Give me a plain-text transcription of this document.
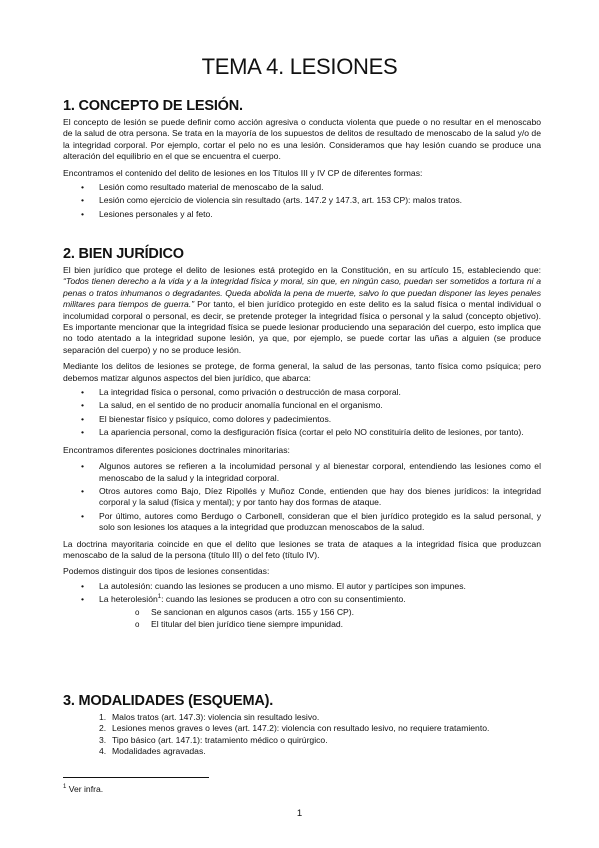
TEMA 4. LESIONES
1. CONCEPTO DE LESIÓN.

El concepto de lesión se puede definir como acción agresiva o conducta violenta que puede o no resultar en el menoscabo de la salud de otra persona. Se trata en la mayoría de los supuestos de delitos de resultado de menoscabo de la salud y/o de la integridad corporal. Por ejemplo, cortar el pelo no es una lesión. Consideramos que hay lesión cuando se produce una alteración del equilibrio en el que se encuentra el cuerpo.

Encontramos el contenido del delito de lesiones en los Títulos III y IV CP de diferentes formas:

• Lesión como resultado material de menoscabo de la salud.
• Lesión como ejercicio de violencia sin resultado (arts. 147.2 y 147.3, art. 153 CP): malos tratos.
• Lesiones personales y al feto.
2. BIEN JURÍDICO

El bien jurídico que protege el delito de lesiones está protegido en la Constitución, en su artículo 15, estableciendo que: “Todos tienen derecho a la vida y a la integridad física y moral, sin que, en ningún caso, puedan ser sometidos a tortura ni a penas o tratos inhumanos o degradantes. Queda abolida la pena de muerte, salvo lo que puedan disponer las leyes penales militares para tiempos de guerra.” Por tanto, el bien jurídico protegido en este delito es la salud física o mental individual o incolumidad corporal o personal, es decir, se pretende proteger la integridad física o personal y la salud (concepto objetivo). Es importante mencionar que la integridad física se puede lesionar produciendo una separación del cuerpo, esto implica que no todo atentado a la integridad supone lesión, ya que, por ejemplo, se puede cortar las uñas a alguien (se produce separación del cuerpo) y no se produce lesión.

Mediante los delitos de lesiones se protege, de forma general, la salud de las personas, tanto física como psíquica; pero debemos matizar algunos aspectos del bien jurídico, que abarca:

• La integridad física o personal, como privación o destrucción de masa corporal.
• La salud, en el sentido de no producir anomalía funcional en el organismo.
• El bienestar físico y psíquico, como dolores y padecimientos.
• La apariencia personal, como la desfiguración física (cortar el pelo NO constituiría delito de lesiones, por tanto).

Encontramos diferentes posiciones doctrinales minoritarias:

• Algunos autores se refieren a la incolumidad personal y al bienestar corporal, entendiendo las lesiones como el menoscabo de la salud y la integridad corporal.
• Otros autores como Bajo, Díez Ripollés y Muñoz Conde, entienden que hay dos bienes jurídicos: la integridad corporal y la salud (física y mental); y por tanto hay dos formas de ataque.
• Por último, autores como Berdugo o Carbonell, consideran que el bien jurídico protegido es la salud personal, y solo son lesiones los ataques a la integridad que produzcan menoscabos de la salud.

La doctrina mayoritaria coincide en que el delito que lesiones se trata de ataques a la integridad física que produzcan menoscabo de la salud de la persona (título III) o del feto (título IV).

Podemos distinguir dos tipos de lesiones consentidas:

• La autolesión: cuando las lesiones se producen a uno mismo. El autor y partícipes son impunes.
• La heterolesión$^1$: cuando las lesiones se producen a otro con su consentimiento.
o Se sancionan en algunos casos (arts. 155 y 156 CP).
o El titular del bien jurídico tiene siempre impunidad.
3. MODALIDADES (ESQUEMA).
1. Malos tratos (art. 147.3): violencia sin resultado lesivo.
2. Lesiones menos graves o leves (art. 147.2): violencia con resultado lesivo, no requiere tratamiento.
3. Tipo básico (art. 147.1): tratamiento médico o quirúrgico.
4. Modalidades agravadas.
$^1$ Ver infra.
1
